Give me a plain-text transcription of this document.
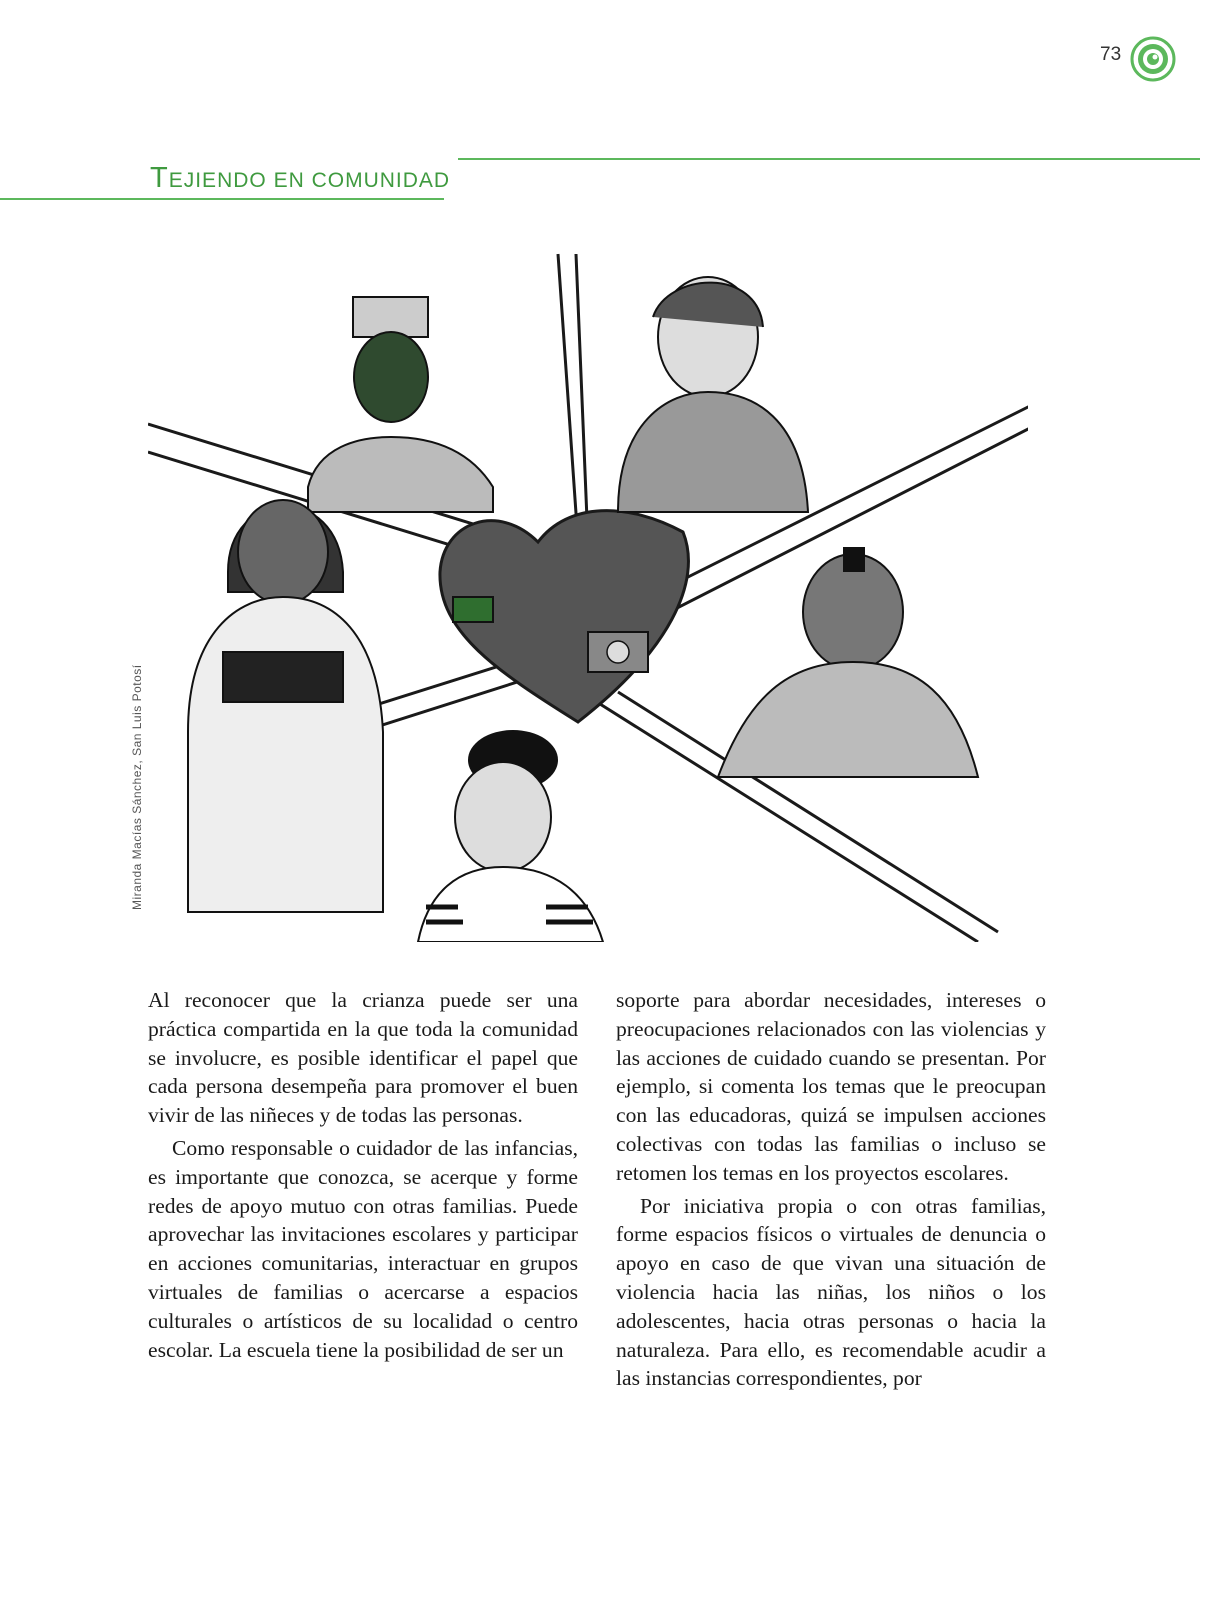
73
TEJIENDO EN COMUNIDAD
Miranda Macías Sánchez, San Luis Potosí

Al reconocer que la crianza puede ser una práctica compartida en la que toda la comunidad se involucre, es posible identificar el papel que cada persona desempeña para promover el buen vivir de las niñeces y de todas las personas.

Como responsable o cuidador de las infancias, es importante que conozca, se acerque y forme redes de apoyo mutuo con otras familias. Puede aprovechar las invitaciones escolares y participar en acciones comunitarias, interactuar en grupos virtuales de familias o acercarse a espacios culturales o artísticos de su localidad o centro escolar. La escuela tiene la posibilidad de ser un

soporte para abordar necesidades, intereses o preocupaciones relacionados con las violencias y las acciones de cuidado cuando se presentan. Por ejemplo, si comenta los temas que le preocupan con las educadoras, quizá se impulsen acciones colectivas con todas las familias o incluso se retomen los temas en los proyectos escolares.

Por iniciativa propia o con otras familias, forme espacios físicos o virtuales de denuncia o apoyo en caso de que vivan una situación de violencia hacia las niñas, los niños o los adolescentes, hacia otras personas o hacia la naturaleza. Para ello, es recomendable acudir a las instancias correspondientes, por
